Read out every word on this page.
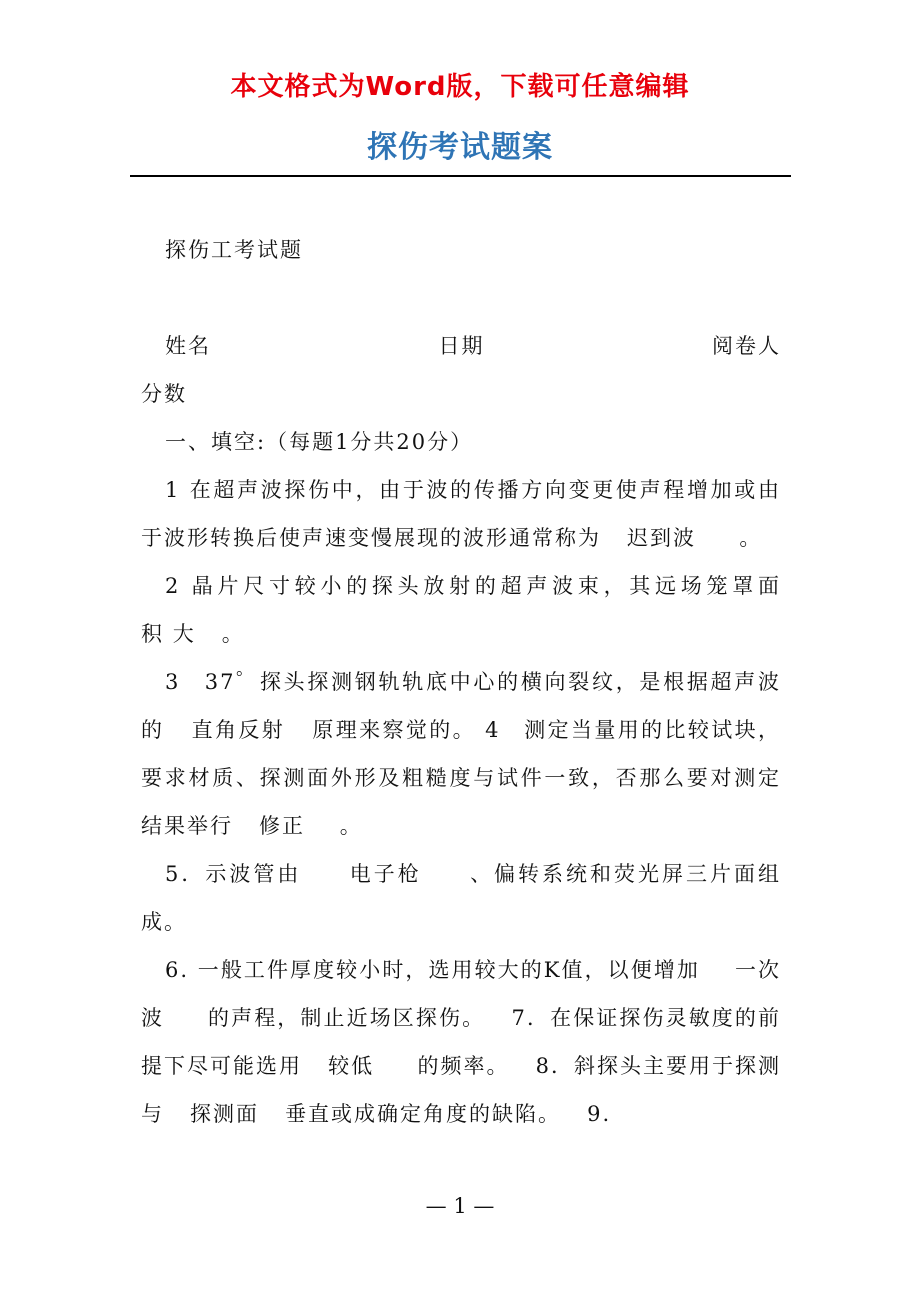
本文格式为Word版，下载可任意编辑
探伤考试题案

探伤工考试题

姓名	日期	阅卷人

分数

一、填空:（每题1分共20分）

1 在超声波探伤中，由于波的传播方向变更使声程增加或由于波形转换后使声速变慢展现的波形通常称为 迟到波 。

2 晶片尺寸较小的探头放射的超声波束，其远场笼罩面积 大 。

3　37゜探头探测钢轨轨底中心的横向裂纹，是根据超声波的 直角反射 原理来察觉的。 4　测定当量用的比较试块，要求材质、探测面外形及粗糙度与试件一致，否那么要对测定结果举行 修正 。

5．示波管由 电子枪 、偏转系统和荧光屏三片面组成。

6. 一般工件厚度较小时，选用较大的K值，以便增加 一次波 的声程，制止近场区探伤。 7．在保证探伤灵敏度的前提下尽可能选用 较低 的频率。 8．斜探头主要用于探测与 探测面 垂直或成确定角度的缺陷。 9.

— 1 —
